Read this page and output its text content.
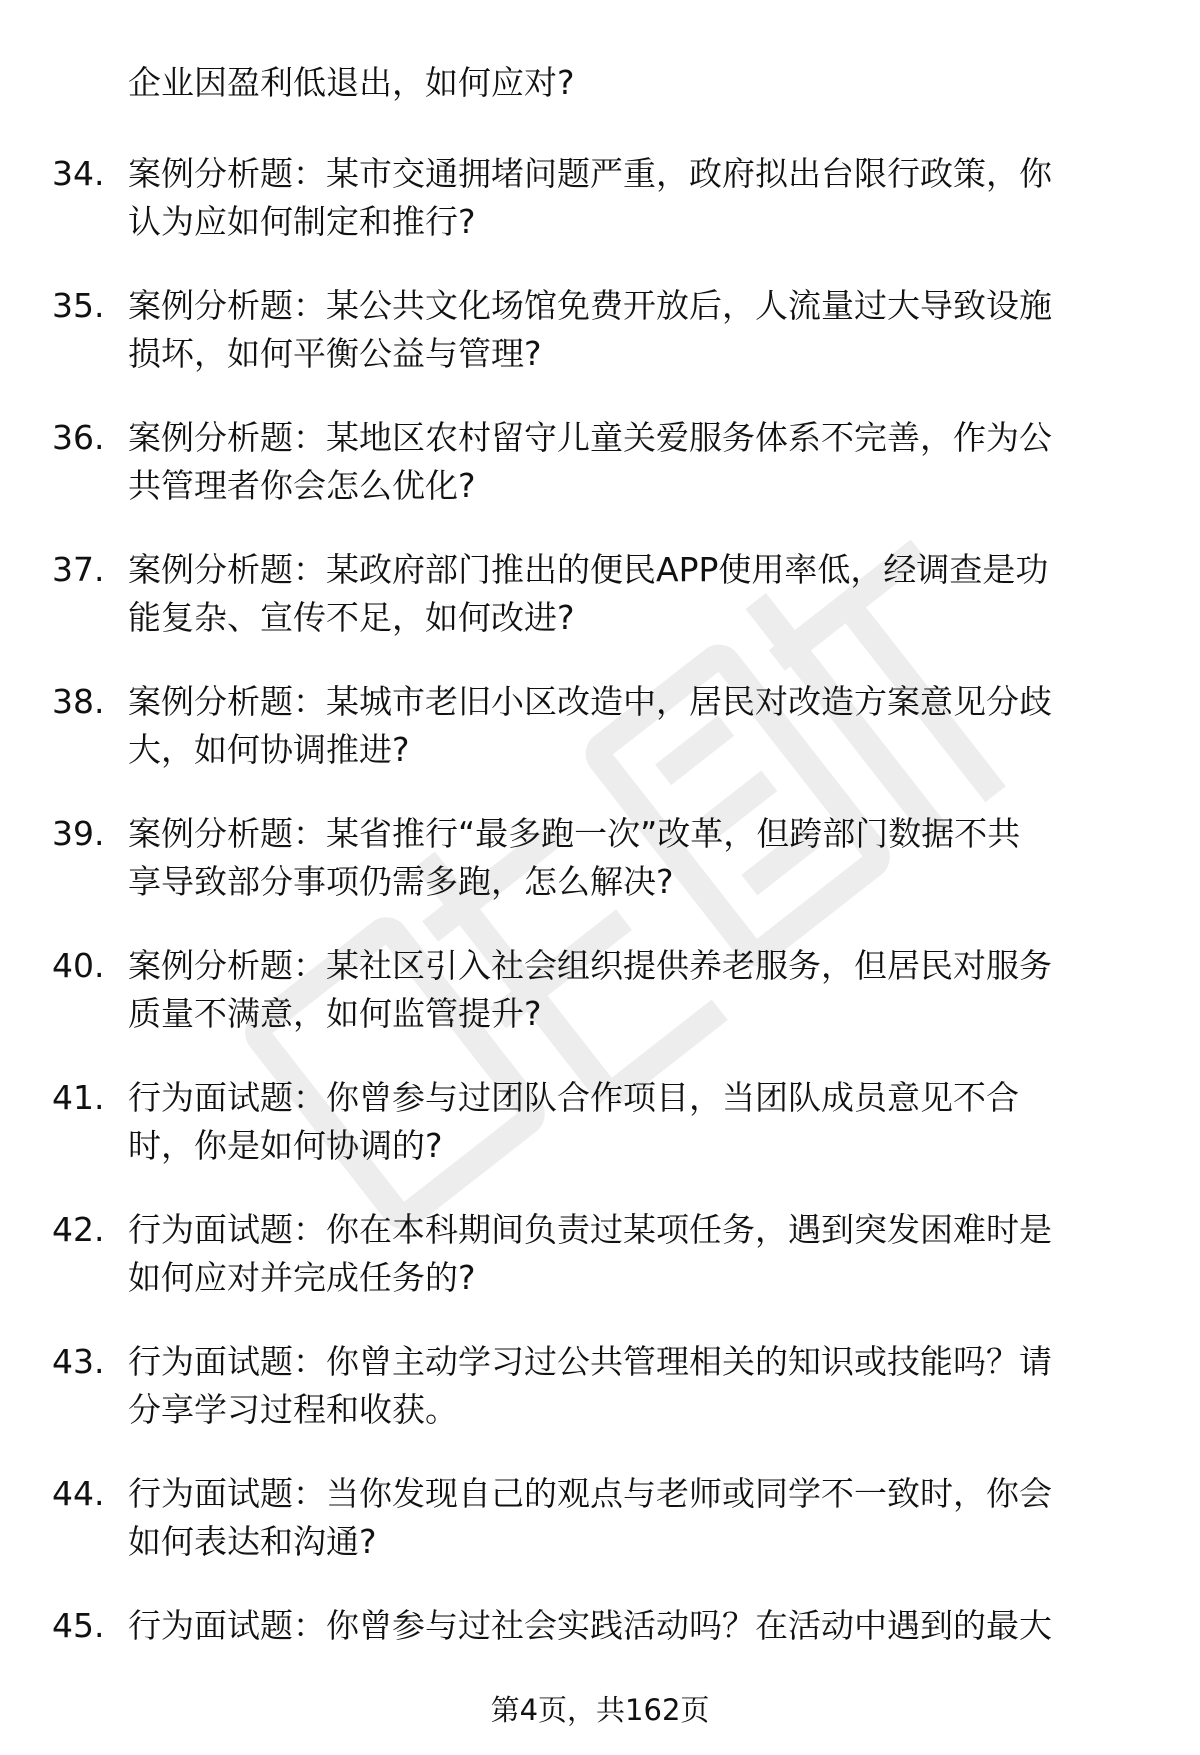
企业因盈利低退出，如何应对?
34. 案例分析题：某市交通拥堵问题严重，政府拟出台限行政策，你
认为应如何制定和推行?
35. 案例分析题：某公共文化场馆免费开放后，人流量过大导致设施
损坏，如何平衡公益与管理?
36. 案例分析题：某地区农村留守儿童关爱服务体系不完善，作为公
共管理者你会怎么优化?
37. 案例分析题：某政府部门推出的便民APP使用率低，经调查是功
能复杂、宣传不足，如何改进?
38. 案例分析题：某城市老旧小区改造中，居民对改造方案意见分歧
大，如何协调推进?
39. 案例分析题：某省推行“最多跑一次”改革，但跨部门数据不共
享导致部分事项仍需多跑，怎么解决?
40. 案例分析题：某社区引入社会组织提供养老服务，但居民对服务
质量不满意，如何监管提升?
41. 行为面试题：你曾参与过团队合作项目，当团队成员意见不合
时，你是如何协调的?
42. 行为面试题：你在本科期间负责过某项任务，遇到突发困难时是
如何应对并完成任务的?
43. 行为面试题：你曾主动学习过公共管理相关的知识或技能吗？请
分享学习过程和收获。
44. 行为面试题：当你发现自己的观点与老师或同学不一致时，你会
如何表达和沟通?
45. 行为面试题：你曾参与过社会实践活动吗？在活动中遇到的最大
第4页，共162页
